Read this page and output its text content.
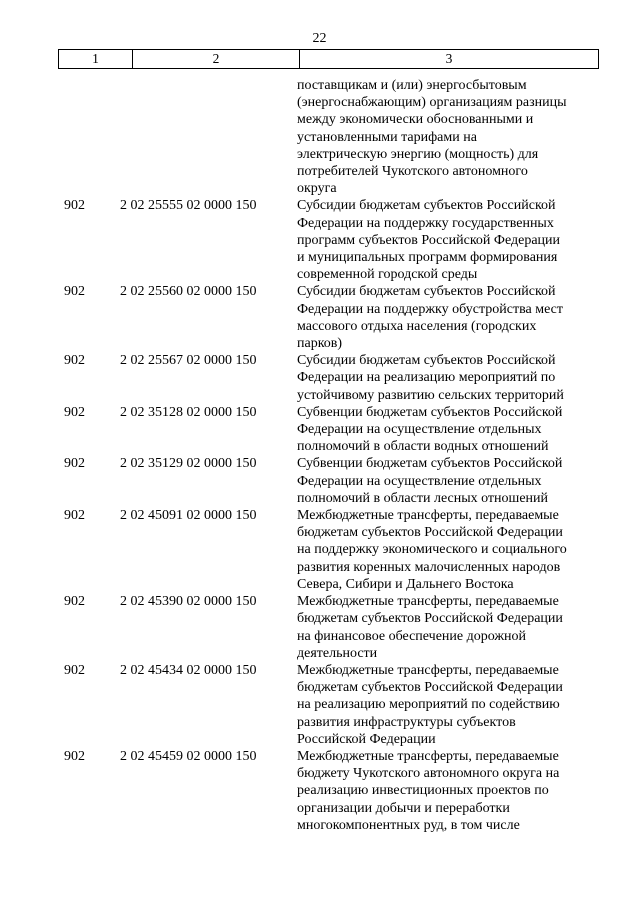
22
1	2	3
поставщикам и (или) энергосбытовым
(энергоснабжающим) организациям разницы
между экономически обоснованными и
установленными тарифами на
электрическую энергию (мощность) для
потребителей Чукотского автономного
округа
902	2 02 25555 02 0000 150	Субсидии бюджетам субъектов Российской
Федерации на поддержку государственных
программ субъектов Российской Федерации
и муниципальных программ формирования
современной городской среды
902	2 02 25560 02 0000 150	Субсидии бюджетам субъектов Российской
Федерации на поддержку обустройства мест
массового отдыха населения (городских
парков)
902	2 02 25567 02 0000 150	Субсидии бюджетам субъектов Российской
Федерации на реализацию мероприятий по
устойчивому развитию сельских территорий
902	2 02 35128 02 0000 150	Субвенции бюджетам субъектов Российской
Федерации на осуществление отдельных
полномочий в области водных отношений
902	2 02 35129 02 0000 150	Субвенции бюджетам субъектов Российской
Федерации на осуществление отдельных
полномочий в области лесных отношений
902	2 02 45091 02 0000 150	Межбюджетные трансферты, передаваемые
бюджетам субъектов Российской Федерации
на поддержку экономического и социального
развития коренных малочисленных народов
Севера, Сибири и Дальнего Востока
902	2 02 45390 02 0000 150	Межбюджетные трансферты, передаваемые
бюджетам субъектов Российской Федерации
на финансовое обеспечение дорожной
деятельности
902	2 02 45434 02 0000 150	Межбюджетные трансферты, передаваемые
бюджетам субъектов Российской Федерации
на реализацию мероприятий по содействию
развития инфраструктуры субъектов
Российской Федерации
902	2 02 45459 02 0000 150	Межбюджетные трансферты, передаваемые
бюджету Чукотского автономного округа на
реализацию инвестиционных проектов по
организации добычи и переработки
многокомпонентных руд, в том числе
